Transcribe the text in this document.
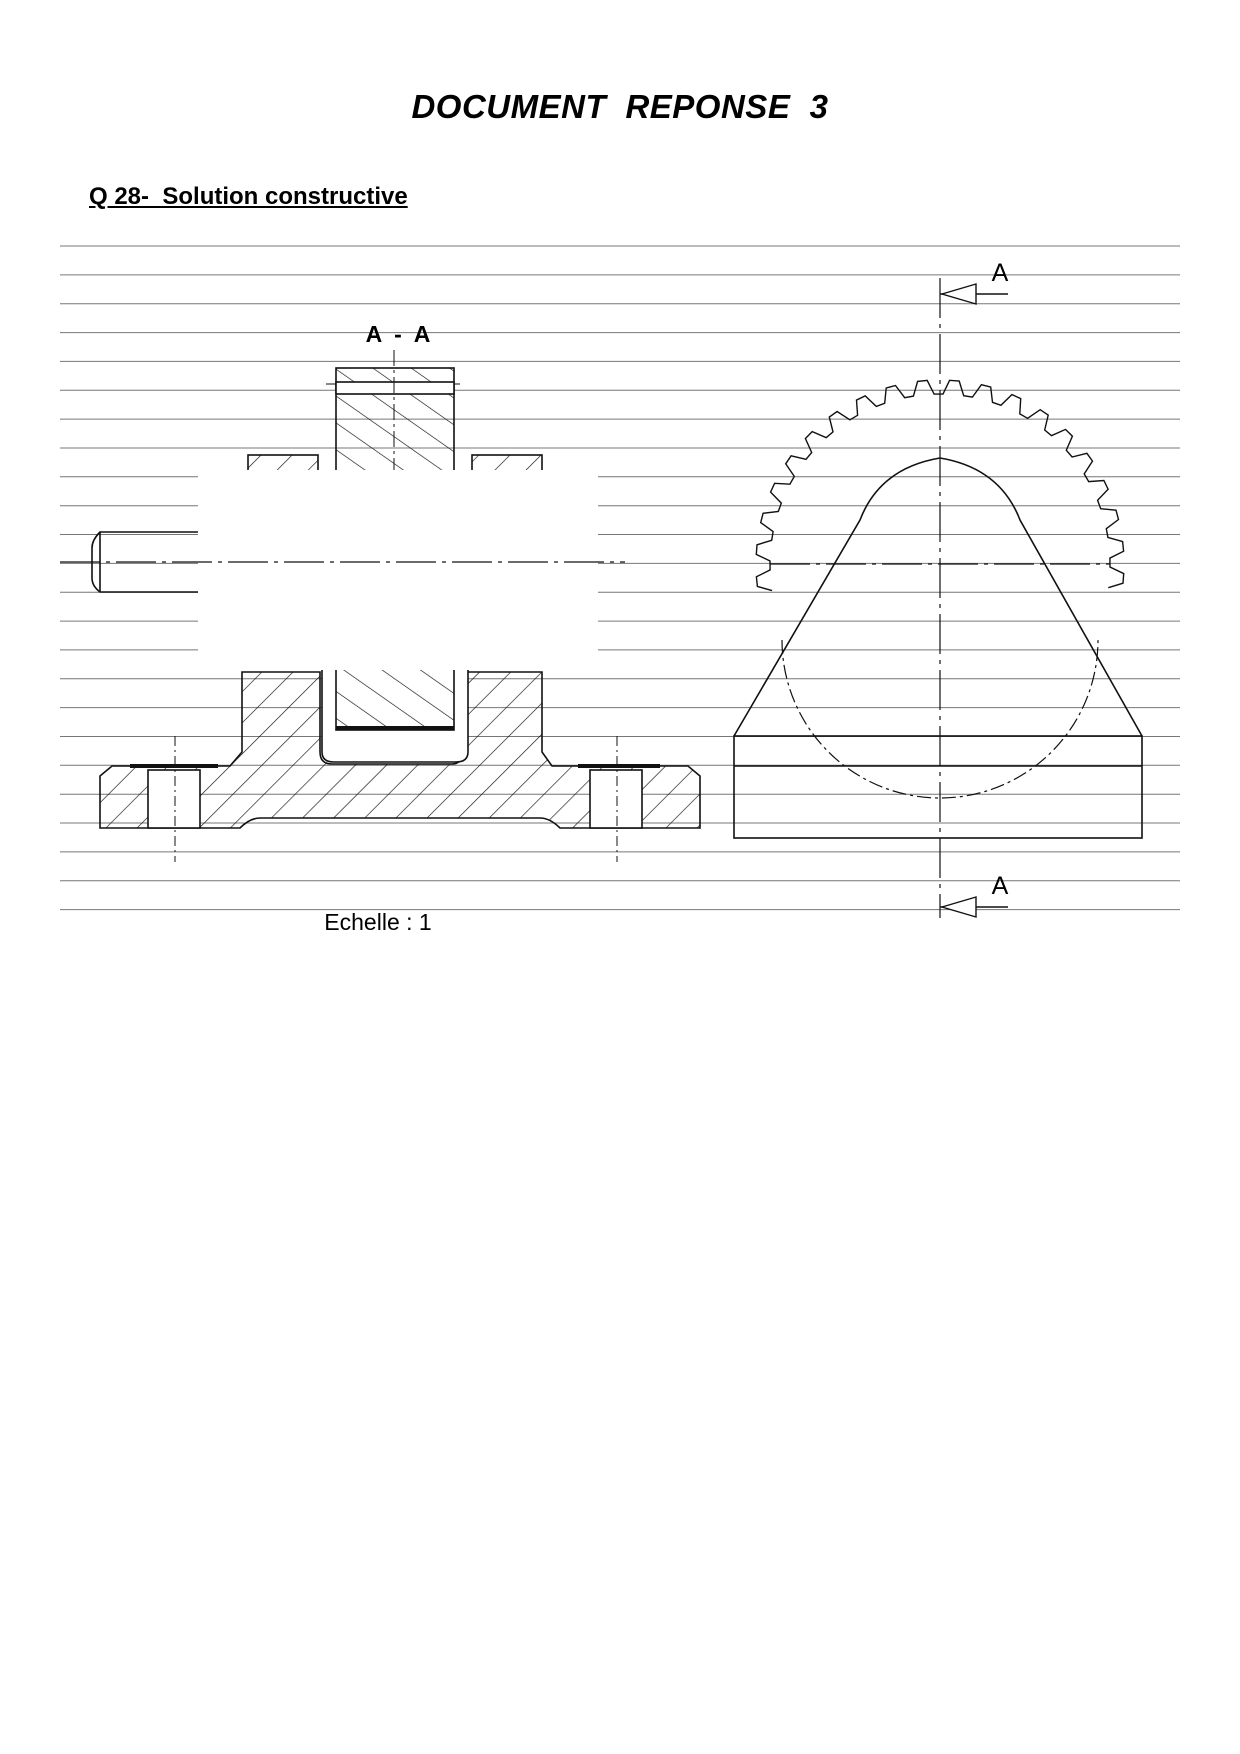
DOCUMENT  REPONSE  3
Q 28-  Solution constructive
A  -  A
Echelle : 1
A
A
